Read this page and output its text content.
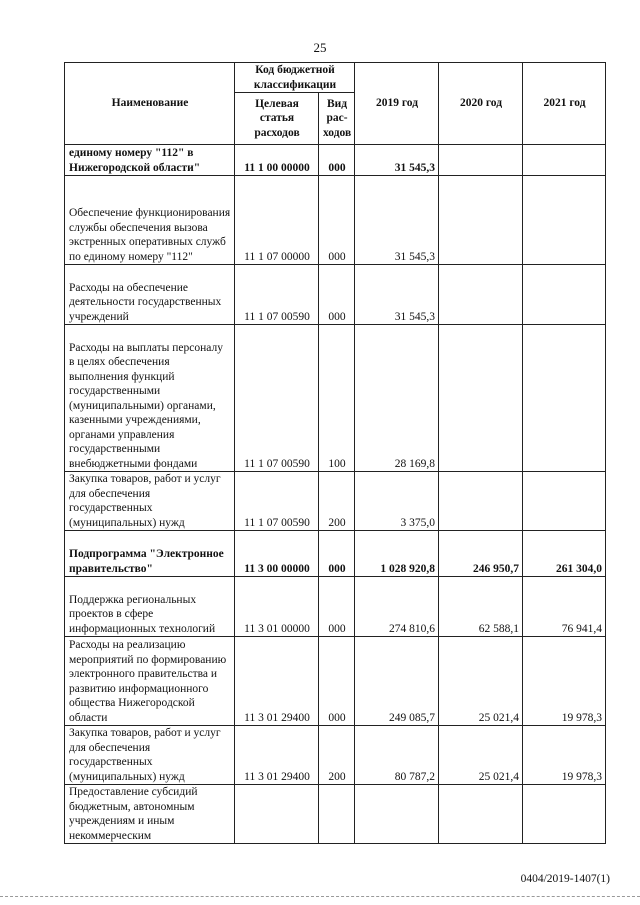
25
Наименование	Код бюджетной классификации		2019 год	2020 год	2021 год
	Целевая статья расходов	Вид рас-ходов			
единому номеру "112" в Нижегородской области"	11 1 00 00000	000	31 545,3		
Обеспечение функционирования службы обеспечения вызова экстренных оперативных служб по единому номеру "112"	11 1 07 00000	000	31 545,3		
Расходы на обеспечение деятельности государственных учреждений	11 1 07 00590	000	31 545,3		
Расходы на выплаты персоналу в целях обеспечения выполнения функций государственными (муниципальными) органами, казенными учреждениями, органами управления государственными внебюджетными фондами	11 1 07 00590	100	28 169,8		
Закупка товаров, работ и услуг для обеспечения государственных (муниципальных) нужд	11 1 07 00590	200	3 375,0		
Подпрограмма "Электронное правительство"	11 3 00 00000	000	1 028 920,8	246 950,7	261 304,0
Поддержка региональных проектов в сфере информационных технологий	11 3 01 00000	000	274 810,6	62 588,1	76 941,4
Расходы на реализацию мероприятий по формированию электронного правительства и развитию информационного общества Нижегородской области	11 3 01 29400	000	249 085,7	25 021,4	19 978,3
Закупка товаров, работ и услуг для обеспечения государственных (муниципальных) нужд	11 3 01 29400	200	80 787,2	25 021,4	19 978,3
Предоставление субсидий бюджетным, автономным учреждениям и иным некоммерческим					
0404/2019-1407(1)
